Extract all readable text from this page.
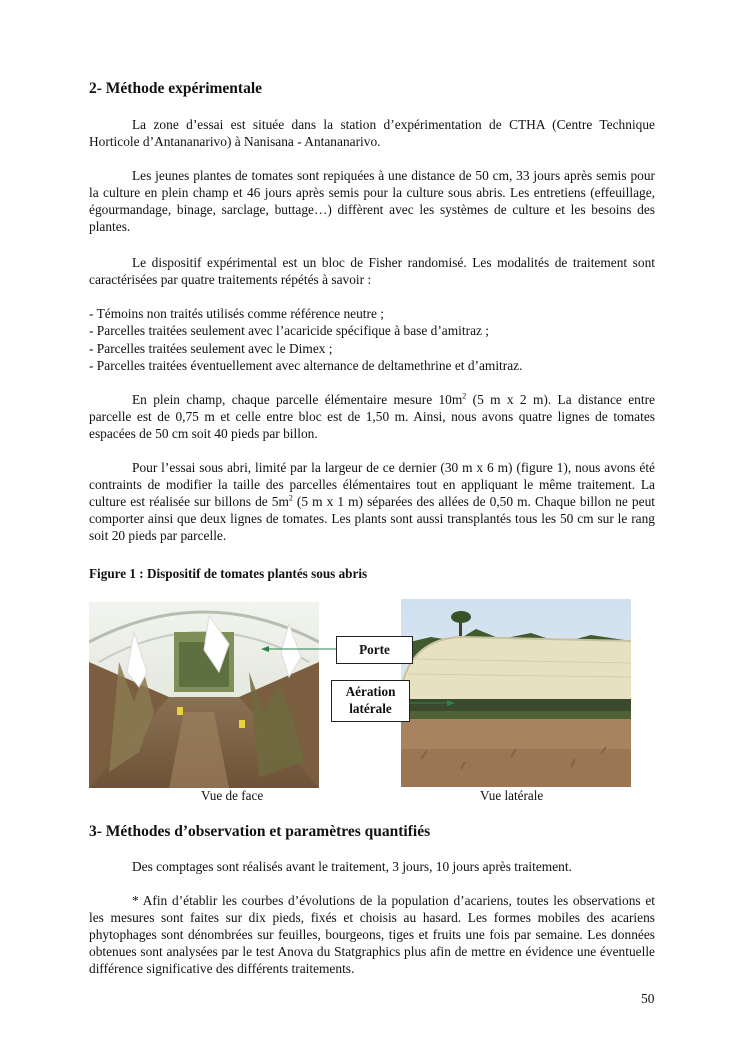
2- Méthode expérimentale

La zone d’essai est située dans la station d’expérimentation de CTHA (Centre Technique Horticole d’Antananarivo) à Nanisana - Antananarivo.

Les jeunes plantes de tomates sont repiquées à une distance de 50 cm, 33 jours après semis pour la culture en plein champ et 46 jours après semis pour la culture sous abris. Les entretiens (effeuillage, égourmandage, binage, sarclage, buttage…) diffèrent avec les systèmes de culture et les besoins des plantes.

Le dispositif expérimental est un bloc de Fisher randomisé. Les modalités de traitement sont caractérisées par quatre traitements répétés à savoir :

- Témoins non traités utilisés comme référence neutre ;
- Parcelles traitées seulement avec l’acaricide spécifique à base d’amitraz ;
- Parcelles traitées seulement avec le Dimex ;
- Parcelles traitées éventuellement avec alternance de deltamethrine et d’amitraz.

En plein champ, chaque parcelle élémentaire mesure $10m^2$ (5 m x 2 m). La distance entre parcelle est de 0,75 m et celle entre bloc est de 1,50 m. Ainsi, nous avons quatre lignes de tomates espacées de 50 cm soit 40 pieds par billon.

Pour l’essai sous abri, limité par la largeur de ce dernier (30 m x 6 m) (figure 1), nous avons été contraints de modifier la taille des parcelles élémentaires tout en appliquant le même traitement. La culture est réalisée sur billons de $5m^2$ (5 m x 1 m) séparées des allées de 0,50 m. Chaque billon ne peut comporter ainsi que deux lignes de tomates. Les plants sont aussi transplantés tous les 50 cm sur le rang soit 20 pieds par parcelle.

Figure 1 : Dispositif de tomates plantés sous abris
Porte
Aération
latérale
Vue de face	Vue latérale
3- Méthodes d’observation et paramètres quantifiés

Des comptages sont réalisés avant le traitement, 3 jours, 10 jours après traitement.

* Afin d’établir les courbes d’évolutions de la population d’acariens, toutes les observations et les mesures sont faites sur dix pieds, fixés et choisis au hasard. Les formes mobiles des acariens phytophages sont dénombrées sur feuilles, bourgeons, tiges et fruits une fois par semaine. Les données obtenues sont analysées par le test Anova du Statgraphics plus afin de mettre en évidence une éventuelle différence significative des différents traitements.

50
